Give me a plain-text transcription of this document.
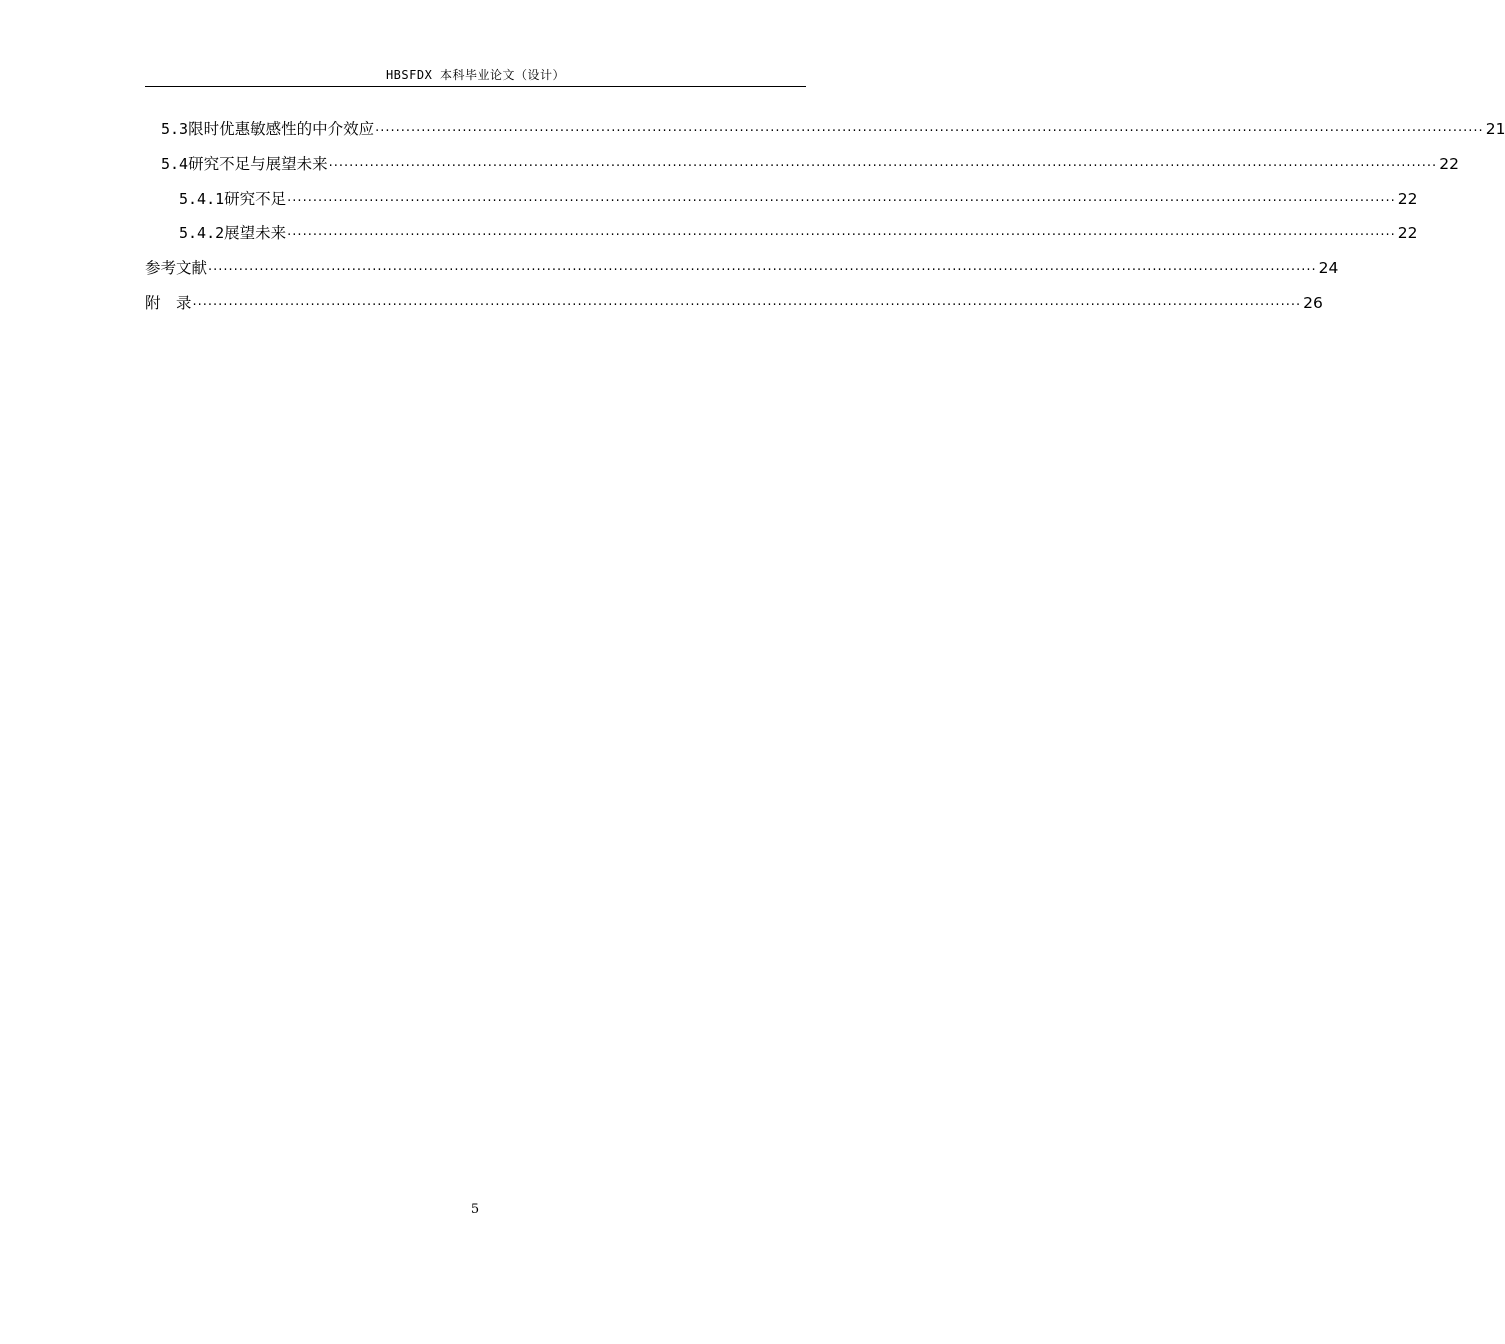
HBSFDX 本科毕业论文（设计）
5.3 限时优惠敏感性的中介效应 ........................................................................................................................................................................................................................ 21
5.4 研究不足与展望未来 ........................................................................................................................................................................................................................ 22
5.4.1 研究不足 ........................................................................................................................................................................................................................ 22
5.4.2 展望未来 ........................................................................................................................................................................................................................ 22
参考文献 ........................................................................................................................................................................................................................ 24
附　录 ........................................................................................................................................................................................................................ 26
5
